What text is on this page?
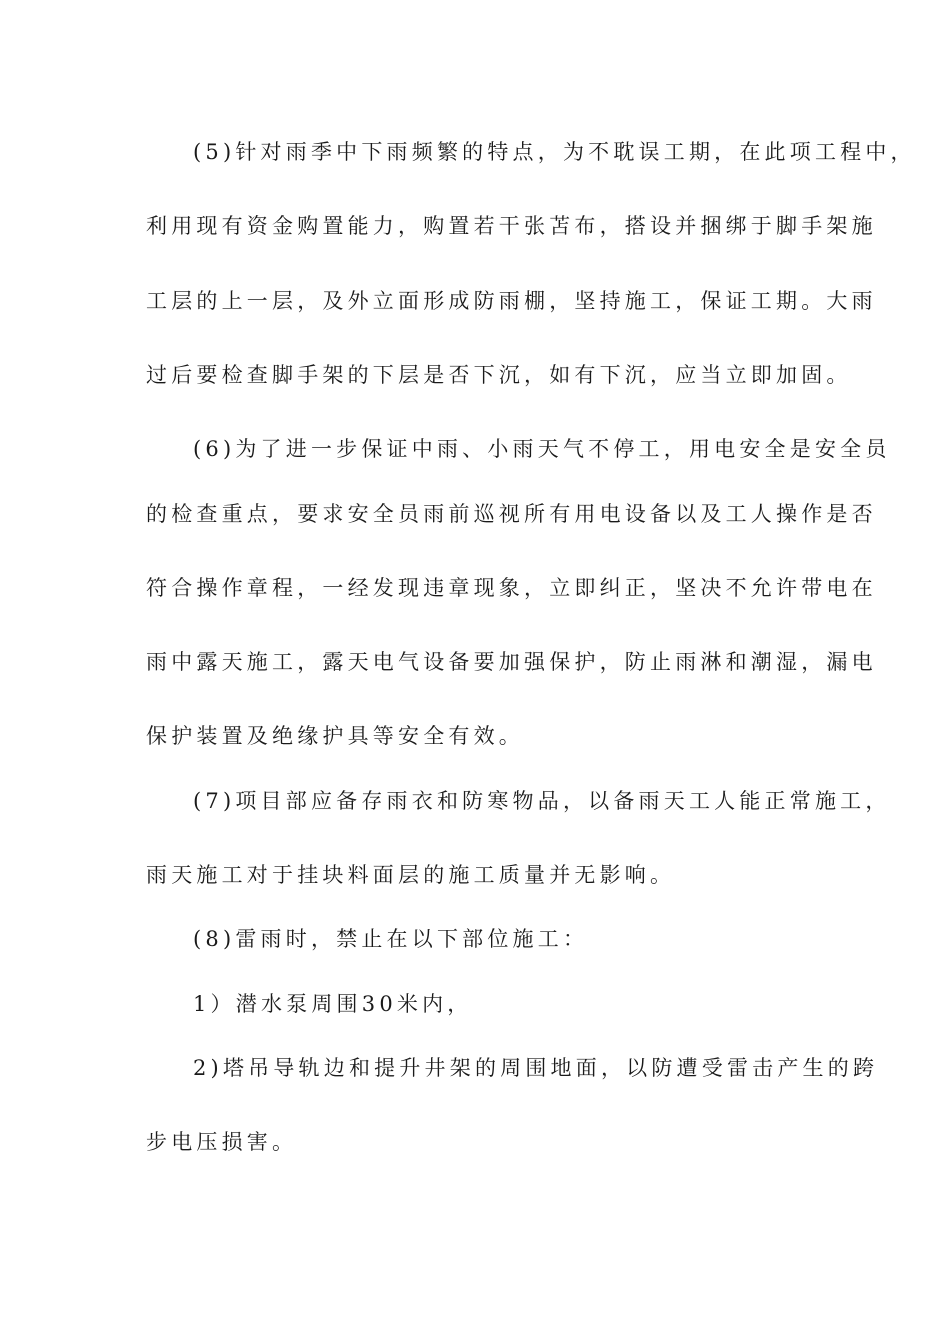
(5)针对雨季中下雨频繁的特点，为不耽误工期，在此项工程中，
利用现有资金购置能力，购置若干张苫布，搭设并捆绑于脚手架施
工层的上一层，及外立面形成防雨棚，坚持施工，保证工期。大雨
过后要检查脚手架的下层是否下沉，如有下沉，应当立即加固。
(6)为了进一步保证中雨、小雨天气不停工，用电安全是安全员
的检查重点，要求安全员雨前巡视所有用电设备以及工人操作是否
符合操作章程，一经发现违章现象，立即纠正，坚决不允许带电在
雨中露天施工，露天电气设备要加强保护，防止雨淋和潮湿，漏电
保护装置及绝缘护具等安全有效。
(7)项目部应备存雨衣和防寒物品，以备雨天工人能正常施工，
雨天施工对于挂块料面层的施工质量并无影响。
(8)雷雨时，禁止在以下部位施工：
1）潜水泵周围30米内，
2)塔吊导轨边和提升井架的周围地面，以防遭受雷击产生的跨
步电压损害。
